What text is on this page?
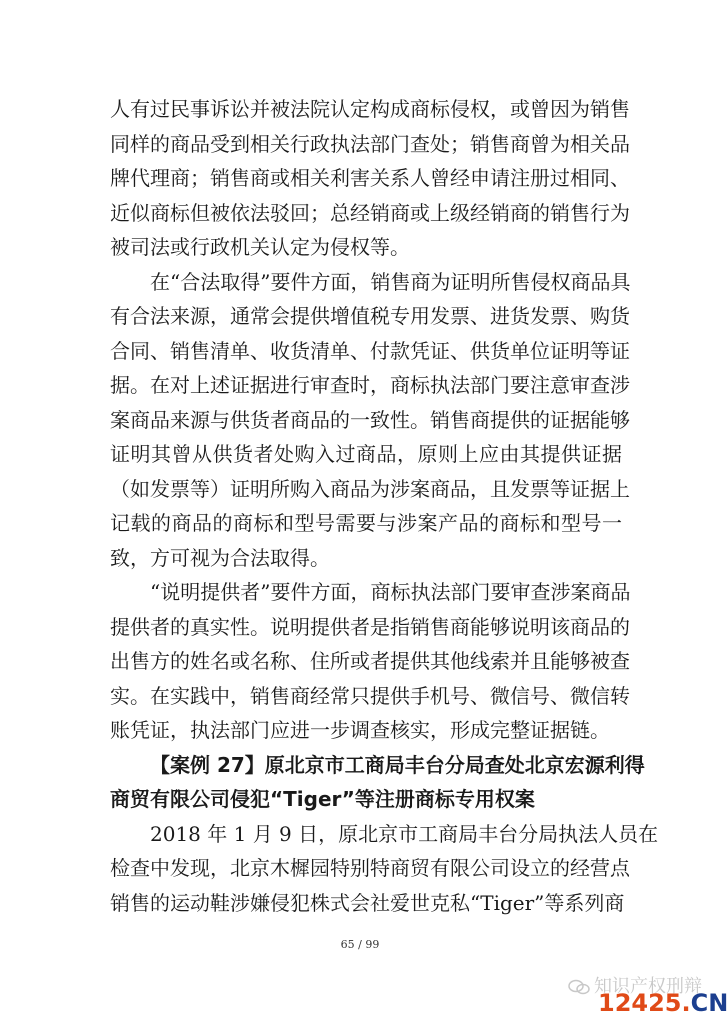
人有过民事诉讼并被法院认定构成商标侵权，或曾因为销售
同样的商品受到相关行政执法部门查处；销售商曾为相关品
牌代理商；销售商或相关利害关系人曾经申请注册过相同、
近似商标但被依法驳回；总经销商或上级经销商的销售行为
被司法或行政机关认定为侵权等。
在“合法取得”要件方面，销售商为证明所售侵权商品具
有合法来源，通常会提供增值税专用发票、进货发票、购货
合同、销售清单、收货清单、付款凭证、供货单位证明等证
据。在对上述证据进行审查时，商标执法部门要注意审查涉
案商品来源与供货者商品的一致性。销售商提供的证据能够
证明其曾从供货者处购入过商品，原则上应由其提供证据
（如发票等）证明所购入商品为涉案商品，且发票等证据上
记载的商品的商标和型号需要与涉案产品的商标和型号一
致，方可视为合法取得。
“说明提供者”要件方面，商标执法部门要审查涉案商品
提供者的真实性。说明提供者是指销售商能够说明该商品的
出售方的姓名或名称、住所或者提供其他线索并且能够被查
实。在实践中，销售商经常只提供手机号、微信号、微信转
账凭证，执法部门应进一步调查核实，形成完整证据链。
【案例 27】原北京市工商局丰台分局查处北京宏源利得
商贸有限公司侵犯“Tiger”等注册商标专用权案
2018 年 1 月 9 日，原北京市工商局丰台分局执法人员在
检查中发现，北京木樨园特别特商贸有限公司设立的经营点
销售的运动鞋涉嫌侵犯株式会社爱世克私“Tiger”等系列商
65 / 99
知识产权刑辩
12425.CN
